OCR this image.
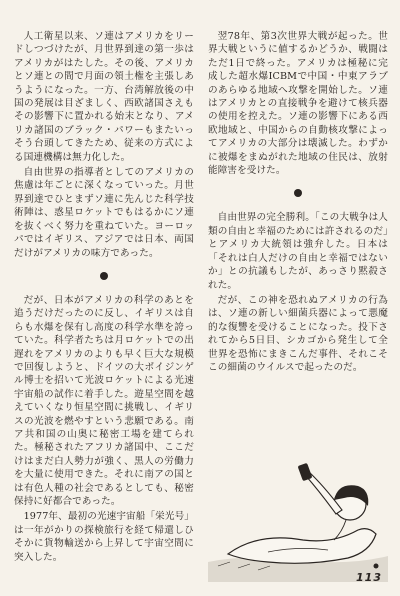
人工衛星以来、ソ連はアメリカをリードしつづけたが、月世界到達の第一歩はアメリカがはたした。その後、アメリカとソ連との間で月面の領土権を主張しあうようになった。一方、台湾解放後の中国の発展は目ざましく、西欧諸国さえもその影響下に置かれる始末となり、アメリカ諸国のブラック・パワーもまたいっそう台頭してきたため、従来の方式による国連機構は無力化した。

自由世界の指導者としてのアメリカの焦慮は年ごとに深くなっていった。月世界到達でひとまずソ連に先んじた科学技術陣は、惑星ロケットでもはるかにソ連を抜くべく努力を重ねていた。ヨーロッパではイギリス、アジアでは日本、両国だけがアメリカの味方であった。

だが、日本がアメリカの科学のあとを追うだけだったのに反し、イギリスは自らも水爆を保有し高度の科学水準を誇っていた。科学者たちは月ロケットでの出遅れをアメリカのよりも早く巨大な規模で回復しようと、ドイツの大ボイジンゲル博士を招いて光波ロケットによる光速宇宙船の試作に着手した。遊星空間を越えていくなり恒星空間に挑戦し、イギリスの光波を燃やすという悲願である。南ア共和国の山奥に秘密工場を建てられた。極秘されたアフリカ諸国中、ここだけはまだ白人勢力が強く、黒人の労働力を大量に使用できた。それに南アの国とは有色人種の社会であるとしても、秘密保持に好都合であった。

1977年、最初の光速宇宙船「栄光号」は一年がかりの探検旅行を経て帰還しひそかに貨物輸送から上昇して宇宙空間に突入した。

翌78年、第3次世界大戦が起った。世界大戦というに値するかどうか、戦闘はただ1日で終った。アメリカは極秘に完成した超水爆ICBMで中国・中東アラブのあらゆる地域へ攻撃を開始した。ソ連はアメリカとの直接戦争を避けて核兵器の使用を控えた。ソ連の影響下にある西欧地域と、中国からの自動核攻撃によってアメリカの大部分は壊滅した。わずかに被爆をまぬがれた地域の住民は、放射能障害を受けた。

自由世界の完全勝利。「この大戦争は人類の自由と幸福のためには許されるのだ」とアメリカ大統領は強弁した。日本は「それは白人だけの自由と幸福ではないか」との抗議もしたが、あっさり黙殺された。

だが、この神を恐れぬアメリカの行為は、ソ連の新しい細菌兵器によって悪魔的な復讐を受けることになった。投下されてから5日目、シカゴから発生して全世界を恐怖にまきこんだ事件、それこそこの細菌のウイルスで起ったのだ。

113
